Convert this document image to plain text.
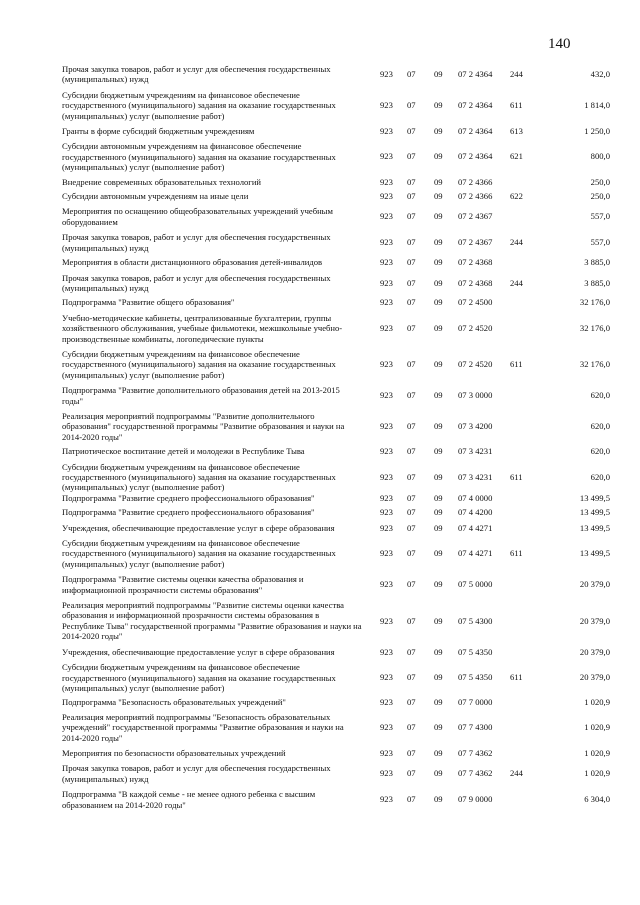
140
Прочая закупка товаров, работ и услуг для обеспечения государственных (муниципальных) нужд
923 07 09 07 2 4364 244	432,0
Субсидии бюджетным учреждениям на финансовое обеспечение государственного (муниципального) задания на оказание государственных (муниципальных) услуг (выполнение работ)
923 07 09 07 2 4364 611	1 814,0
Гранты в форме субсидий бюджетным учреждениям	923 07 09 07 2 4364 613	1 250,0
Субсидии автономным учреждениям на финансовое обеспечение государственного (муниципального) задания на оказание государственных (муниципальных) услуг (выполнение работ)
923 07 09 07 2 4364 621	800,0
Внедрение современных образовательных технологий	923 07 09 07 2 4366	250,0
Субсидии автономным учреждениям на иные цели	923 07 09 07 2 4366 622	250,0
Мероприятия по оснащению общеобразовательных учреждений учебным оборудованием
923 07 09 07 2 4367	557,0
Прочая закупка товаров, работ и услуг для обеспечения государственных (муниципальных) нужд
923 07 09 07 2 4367 244	557,0
Мероприятия в области дистанционного образования детей-инвалидов	923 07 09 07 2 4368	3 885,0
Прочая закупка товаров, работ и услуг для обеспечения государственных (муниципальных) нужд
923 07 09 07 2 4368 244	3 885,0
Подпрограмма "Развитие общего образования"	923 07 09 07 2 4500	32 176,0
Учебно-методические кабинеты, централизованные бухгалтерии, группы хозяйственного обслуживания, учебные фильмотеки, межшкольные учебно-производственные комбинаты, логопедические пункты
923 07 09 07 2 4520	32 176,0
Субсидии бюджетным учреждениям на финансовое обеспечение государственного (муниципального) задания на оказание государственных (муниципальных) услуг (выполнение работ)
923 07 09 07 2 4520 611	32 176,0
Подпрограмма "Развитие дополнительного образования детей на 2013-2015 годы"
923 07 09 07 3 0000	620,0
Реализация мероприятий подпрограммы "Развитие дополнительного образования" государственной программы "Развитие образования и науки на 2014-2020 годы"
923 07 09 07 3 4200	620,0
Патриотическое воспитание детей и молодежи в Республике Тыва	923 07 09 07 3 4231	620,0
Субсидии бюджетным учреждениям на финансовое обеспечение государственного (муниципального) задания на оказание государственных (муниципальных) услуг (выполнение работ)
923 07 09 07 3 4231 611	620,0
Подпрограмма "Развитие среднего профессионального образования"	923 07 09 07 4 0000	13 499,5
Подпрограмма "Развитие среднего профессионального образования"	923 07 09 07 4 4200	13 499,5
Учреждения, обеспечивающие предоставление услуг в сфере образования	923 07 09 07 4 4271	13 499,5
Субсидии бюджетным учреждениям на финансовое обеспечение государственного (муниципального) задания на оказание государственных (муниципальных) услуг (выполнение работ)
923 07 09 07 4 4271 611	13 499,5
Подпрограмма "Развитие системы оценки качества образования и информационной прозрачности системы образования"
923 07 09 07 5 0000	20 379,0
Реализация мероприятий подпрограммы "Развитие системы оценки качества образования и информационной прозрачности системы образования в Республике Тыва" государственной программы "Развитие образования и науки на 2014-2020 годы"
923 07 09 07 5 4300	20 379,0
Учреждения, обеспечивающие предоставление услуг в сфере образования	923 07 09 07 5 4350	20 379,0
Субсидии бюджетным учреждениям на финансовое обеспечение государственного (муниципального) задания на оказание государственных (муниципальных) услуг (выполнение работ)
923 07 09 07 5 4350 611	20 379,0
Подпрограмма "Безопасность образовательных учреждений"	923 07 09 07 7 0000	1 020,9
Реализация мероприятий подпрограммы "Безопасность образовательных учреждений" государственной программы "Развитие образования и науки на 2014-2020 годы"
923 07 09 07 7 4300	1 020,9
Мероприятия по безопасности образовательных учреждений	923 07 09 07 7 4362	1 020,9
Прочая закупка товаров, работ и услуг для обеспечения государственных (муниципальных) нужд
923 07 09 07 7 4362 244	1 020,9
Подпрограмма "В каждой семье - не менее одного ребенка с высшим образованием на 2014-2020 годы"
923 07 09 07 9 0000	6 304,0
